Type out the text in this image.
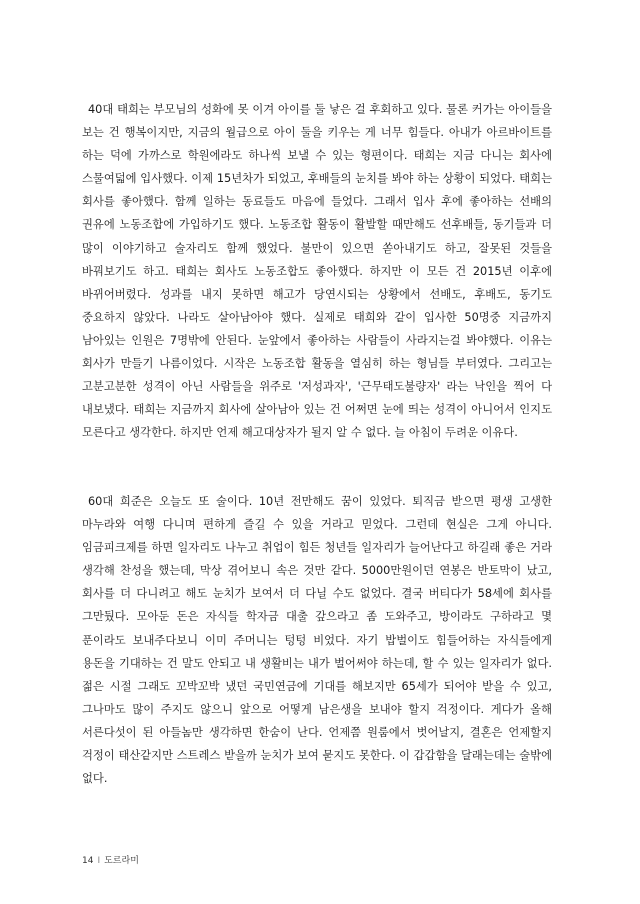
40대 태희는 부모님의 성화에 못 이겨 아이를 둘 낳은 걸 후회하고 있다. 물론 커가는 아이들을 보는 건 행복이지만, 지금의 월급으로 아이 둘을 키우는 게 너무 힘들다. 아내가 아르바이트를 하는 덕에 가까스로 학원에라도 하나씩 보낼 수 있는 형편이다. 태희는 지금 다니는 회사에 스물여덟에 입사했다. 이제 15년차가 되었고, 후배들의 눈치를 봐야 하는 상황이 되었다. 태희는 회사를 좋아했다. 함께 일하는 동료들도 마음에 들었다. 그래서 입사 후에 좋아하는 선배의 권유에 노동조합에 가입하기도 했다. 노동조합 활동이 활발할 때만해도 선후배들, 동기들과 더 많이 이야기하고 술자리도 함께 했었다. 불만이 있으면 쏟아내기도 하고, 잘못된 것들을 바꿔보기도 하고. 태희는 회사도 노동조합도 좋아했다. 하지만 이 모든 건 2015년 이후에 바뀌어버렸다. 성과를 내지 못하면 해고가 당연시되는 상황에서 선배도, 후배도, 동기도 중요하지 않았다. 나라도 살아남아야 했다. 실제로 태희와 같이 입사한 50명중 지금까지 남아있는 인원은 7명밖에 안된다. 눈앞에서 좋아하는 사람들이 사라지는걸 봐야했다. 이유는 회사가 만들기 나름이었다. 시작은 노동조합 활동을 열심히 하는 형님들 부터였다. 그리고는 고분고분한 성격이 아닌 사람들을 위주로 '저성과자', '근무태도불량자' 라는 낙인을 찍어 다 내보냈다. 태희는 지금까지 회사에 살아남아 있는 건 어쩌면 눈에 띄는 성격이 아니어서 인지도 모른다고 생각한다. 하지만 언제 해고대상자가 될지 알 수 없다. 늘 아침이 두려운 이유다.

60대 희준은 오늘도 또 술이다. 10년 전만해도 꿈이 있었다. 퇴직금 받으면 평생 고생한 마누라와 여행 다니며 편하게 즐길 수 있을 거라고 믿었다. 그런데 현실은 그게 아니다. 임금피크제를 하면 일자리도 나누고 취업이 힘든 청년들 일자리가 늘어난다고 하길래 좋은 거라 생각해 찬성을 했는데, 막상 겪어보니 속은 것만 같다. 5000만원이던 연봉은 반토막이 났고, 회사를 더 다니려고 해도 눈치가 보여서 더 다닐 수도 없었다. 결국 버티다가 58세에 회사를 그만뒀다. 모아둔 돈은 자식들 학자금 대출 갚으라고 좀 도와주고, 방이라도 구하라고 몇 푼이라도 보내주다보니 이미 주머니는 텅텅 비었다. 자기 밥벌이도 힘들어하는 자식들에게 용돈을 기대하는 건 말도 안되고 내 생활비는 내가 벌어써야 하는데, 할 수 있는 일자리가 없다. 젊은 시절 그래도 꼬박꼬박 냈던 국민연금에 기대를 해보지만 65세가 되어야 받을 수 있고, 그나마도 많이 주지도 않으니 앞으로 어떻게 남은생을 보내야 할지 걱정이다. 게다가 올해 서른다섯이 된 아들놈만 생각하면 한숨이 난다. 언제쯤 원룸에서 벗어날지, 결혼은 언제할지 걱정이 태산같지만 스트레스 받을까 눈치가 보여 묻지도 못한다. 이 갑갑함을 달래는데는 술밖에 없다.

14 I 도르라미
